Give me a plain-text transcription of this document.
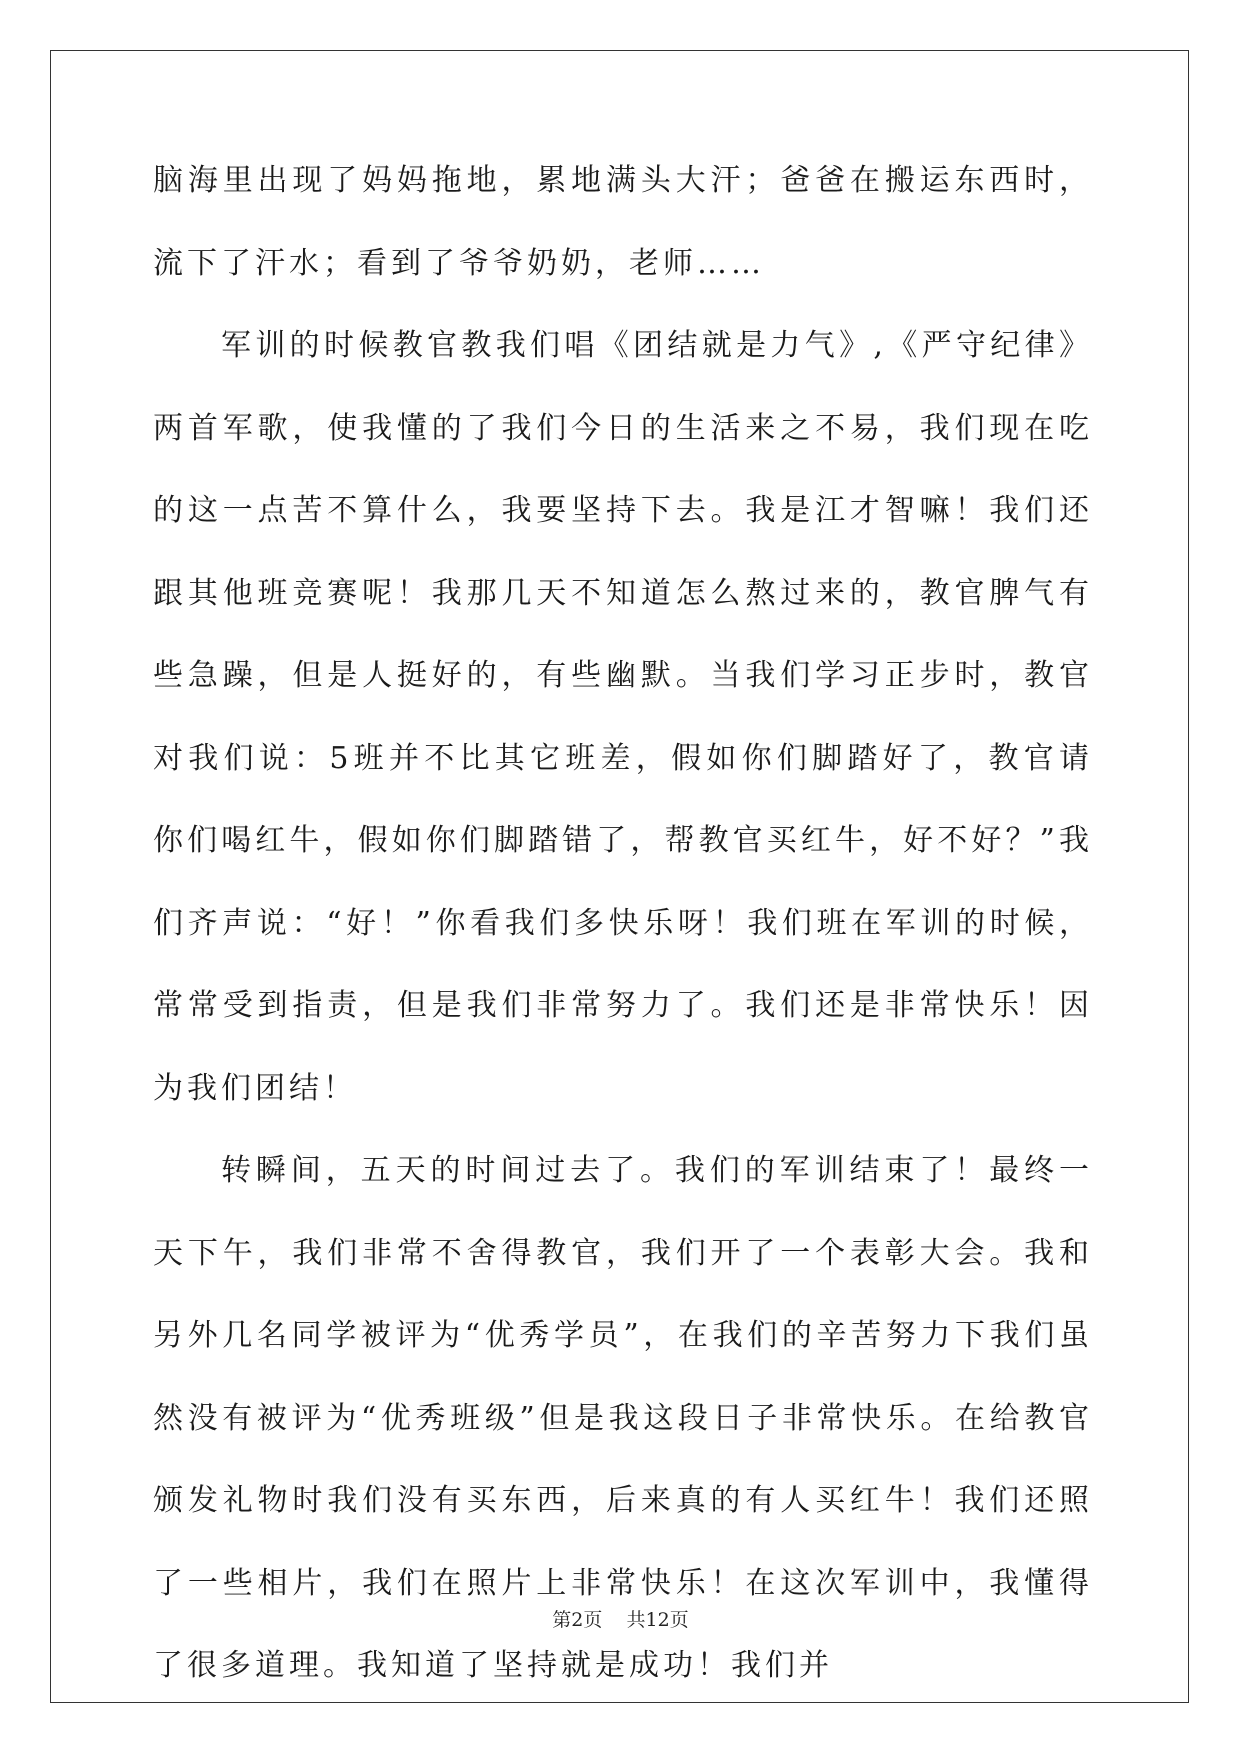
脑海里出现了妈妈拖地，累地满头大汗；爸爸在搬运东西时，流下了汗水；看到了爷爷奶奶，老师……

军训的时候教官教我们唱《团结就是力气》,《严守纪律》两首军歌，使我懂的了我们今日的生活来之不易，我们现在吃的这一点苦不算什么，我要坚持下去。我是江才智嘛！我们还跟其他班竞赛呢！我那几天不知道怎么熬过来的，教官脾气有些急躁，但是人挺好的，有些幽默。当我们学习正步时，教官对我们说：5班并不比其它班差，假如你们脚踏好了，教官请你们喝红牛，假如你们脚踏错了，帮教官买红牛，好不好？”我们齐声说：“好！”你看我们多快乐呀！我们班在军训的时候，常常受到指责，但是我们非常努力了。我们还是非常快乐！因为我们团结！

转瞬间，五天的时间过去了。我们的军训结束了！最终一天下午，我们非常不舍得教官，我们开了一个表彰大会。我和另外几名同学被评为“优秀学员”，在我们的辛苦努力下我们虽然没有被评为“优秀班级”但是我这段日子非常快乐。在给教官颁发礼物时我们没有买东西，后来真的有人买红牛！我们还照了一些相片，我们在照片上非常快乐！在这次军训中，我懂得了很多道理。我知道了坚持就是成功！我们并

第2页 共12页
